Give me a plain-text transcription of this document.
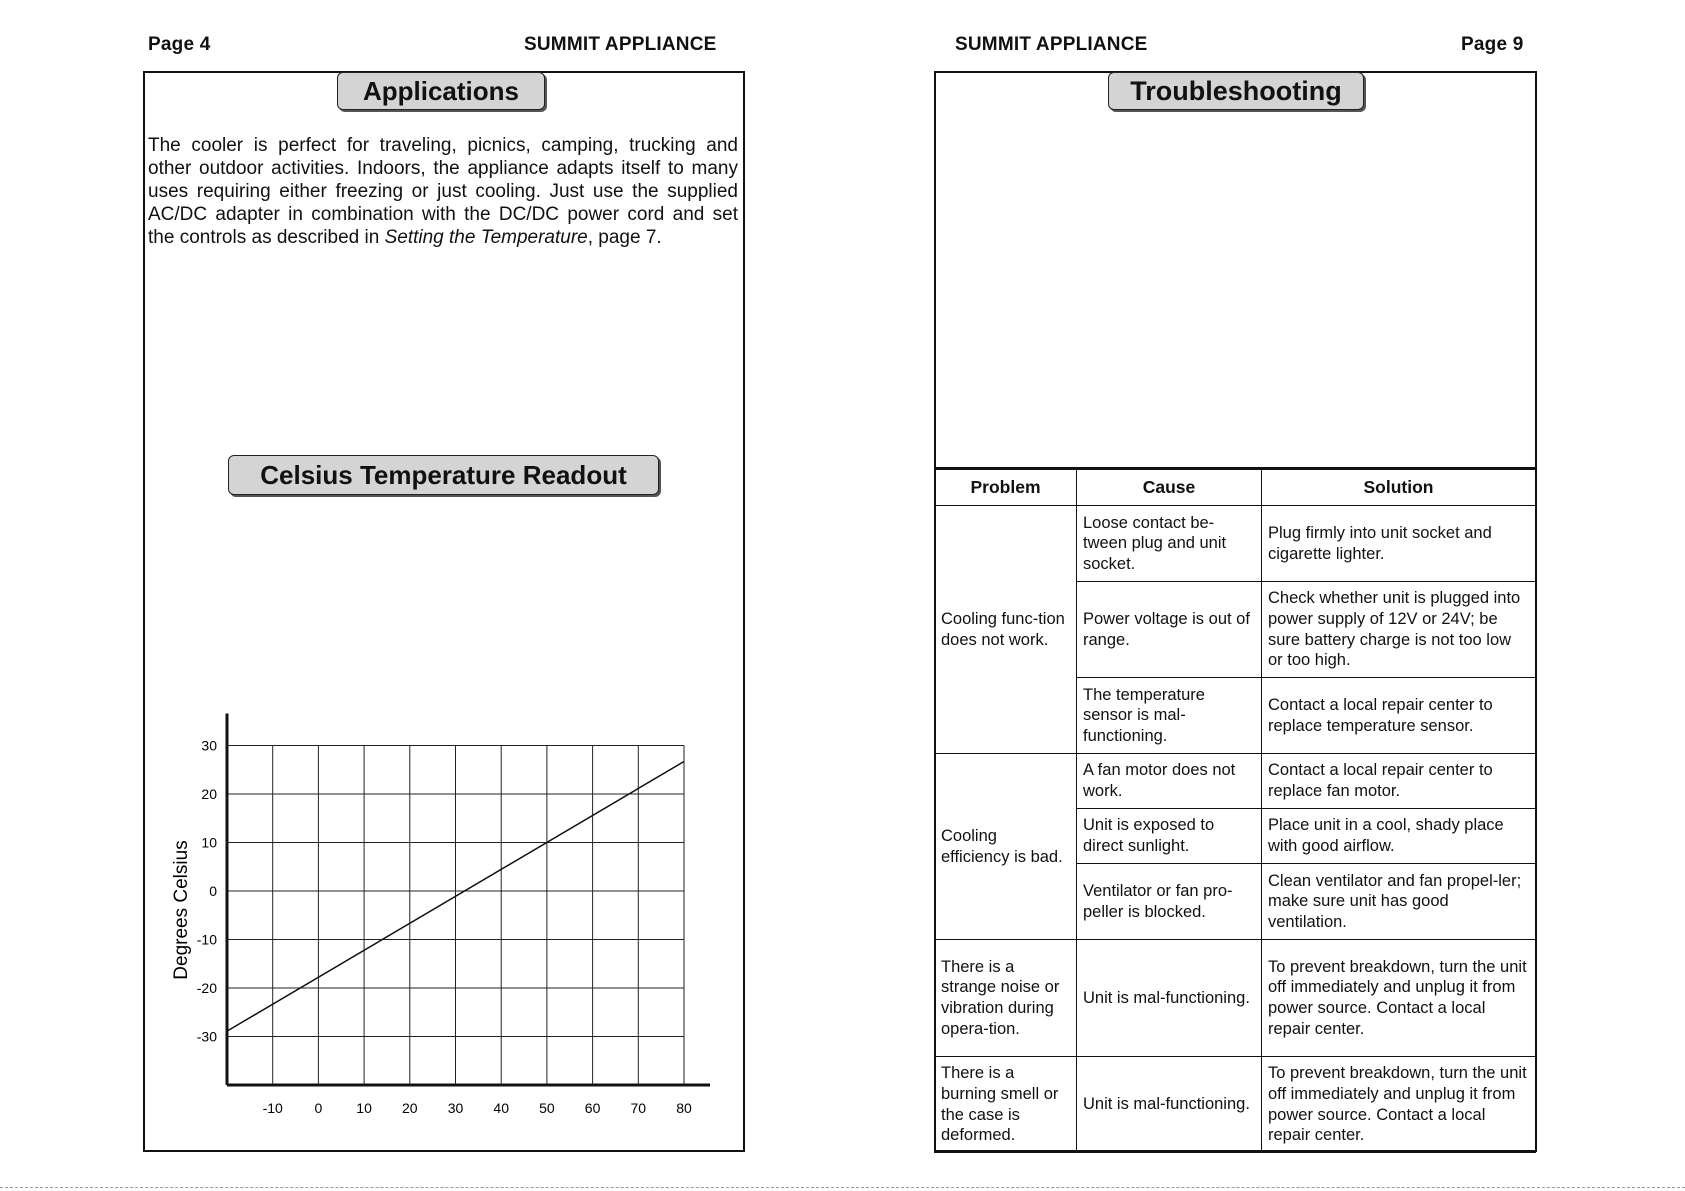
Page 4	SUMMIT APPLIANCE
Applications
The cooler is perfect for traveling, picnics, camping, trucking and other outdoor activities. Indoors, the appliance adapts itself to many uses requiring either freezing or just cooling. Just use the supplied AC/DC adapter in combination with the DC/DC power cord and set the controls as described in Setting the Temperature, page 7.
Celsius Temperature Readout
-10 0 10 20 30 40 50 60 70 80
30
20
10
0
-10
-20
-30
Degrees Celsius
SUMMIT APPLIANCE	Page 9
Troubleshooting
Problem	Cause	Solution
Cooling func-tion does not work.	Loose contact be-tween plug and unit socket.	Plug firmly into unit socket and cigarette lighter.
	Power voltage is out of range.	Check whether unit is plugged into power supply of 12V or 24V; be sure battery charge is not too low or too high.
	The temperature sensor is mal-functioning.	Contact a local repair center to replace temperature sensor.
Cooling efficiency is bad.	A fan motor does not work.	Contact a local repair center to replace fan motor.
	Unit is exposed to direct sunlight.	Place unit in a cool, shady place with good airflow.
	Ventilator or fan pro-peller is blocked.	Clean ventilator and fan propel-ler; make sure unit has good ventilation.
There is a strange noise or vibration during opera-tion.	Unit is mal-functioning.	To prevent breakdown, turn the unit off immediately and unplug it from power source. Contact a local repair center.
There is a burning smell or the case is deformed.	Unit is mal-functioning.	To prevent breakdown, turn the unit off immediately and unplug it from power source. Contact a local repair center.
